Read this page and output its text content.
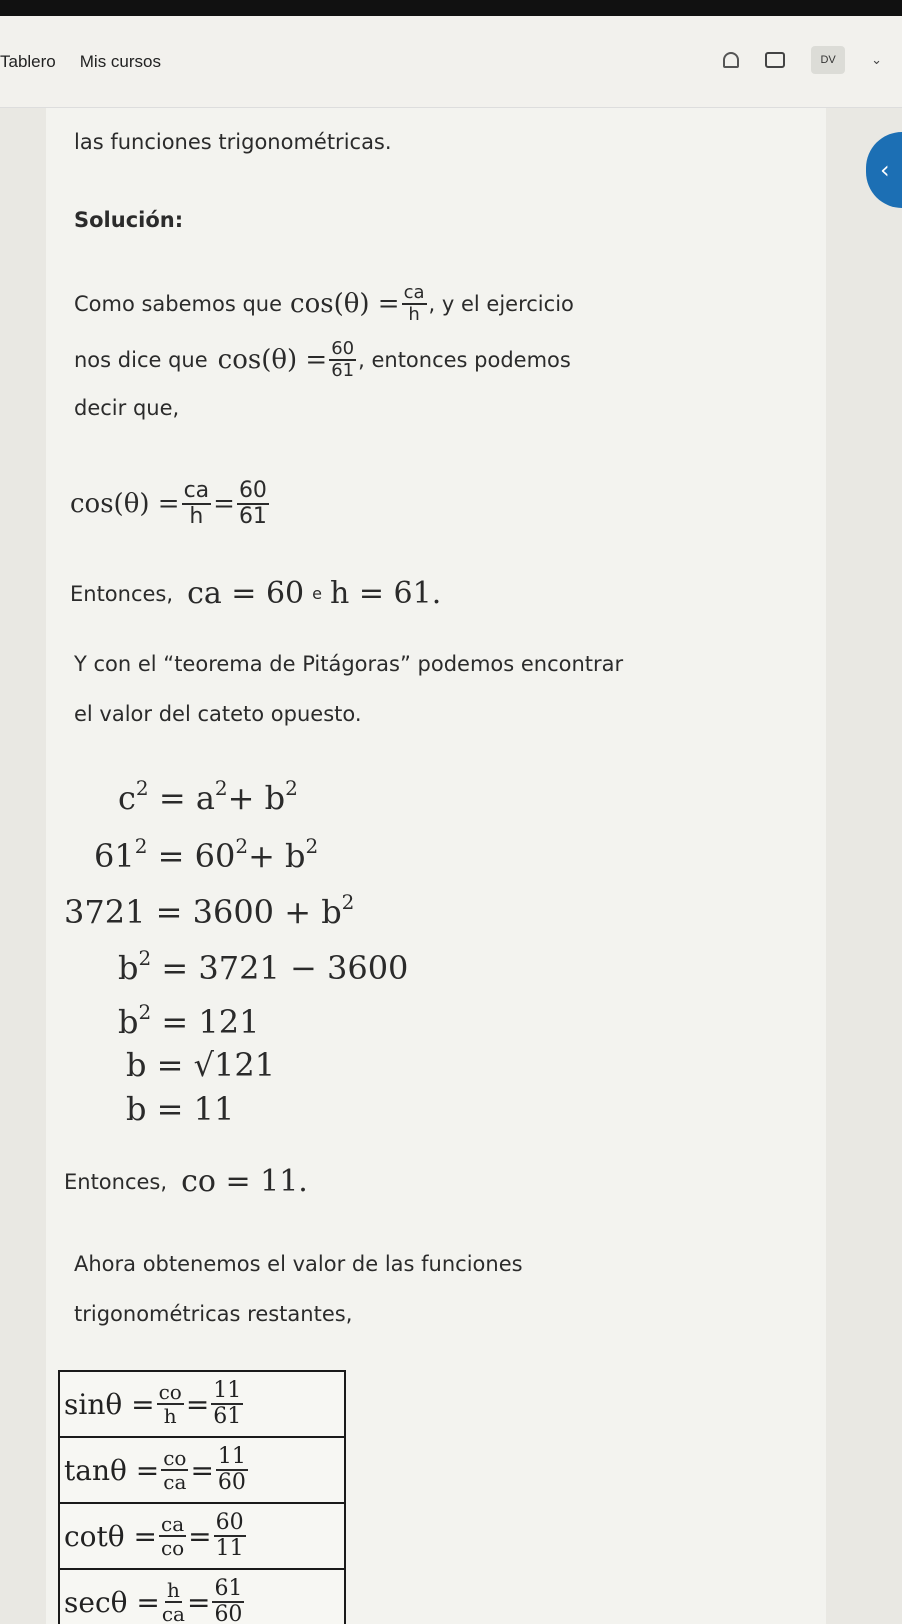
Tablero	Mis cursos	DV	⌄
‹
las funciones trigonométricas.
Solución:
Como sabemos que $\cos(\theta) = \frac{ca}{h}$ , y el ejercicio
nos dice que $\cos(\theta) = \frac{60}{61}$ , entonces podemos
decir que,
$\cos(\theta) = \frac{ca}{h} = \frac{60}{61}$
Entonces, ca = 60 e h = 61.
Y con el “teorema de Pitágoras” podemos encontrar
el valor del cateto opuesto.
$c^2 = a^2+ b^2$
$61^2 = 60^2+ b^2$
$3721 = 3600 + b^2$
$b^2 = 3721 - 3600$
$b^2 = 121$
b = √121
b = 11
Entonces, co = 11.
Ahora obtenemos el valor de las funciones
trigonométricas restantes,
$\sin\theta = \frac{co}{h} = \frac{11}{61}$
$\tan\theta = \frac{co}{ca} = \frac{11}{60}$
$\cot\theta = \frac{ca}{co} = \frac{60}{11}$
$\sec\theta = \frac{h}{ca} = \frac{61}{60}$
